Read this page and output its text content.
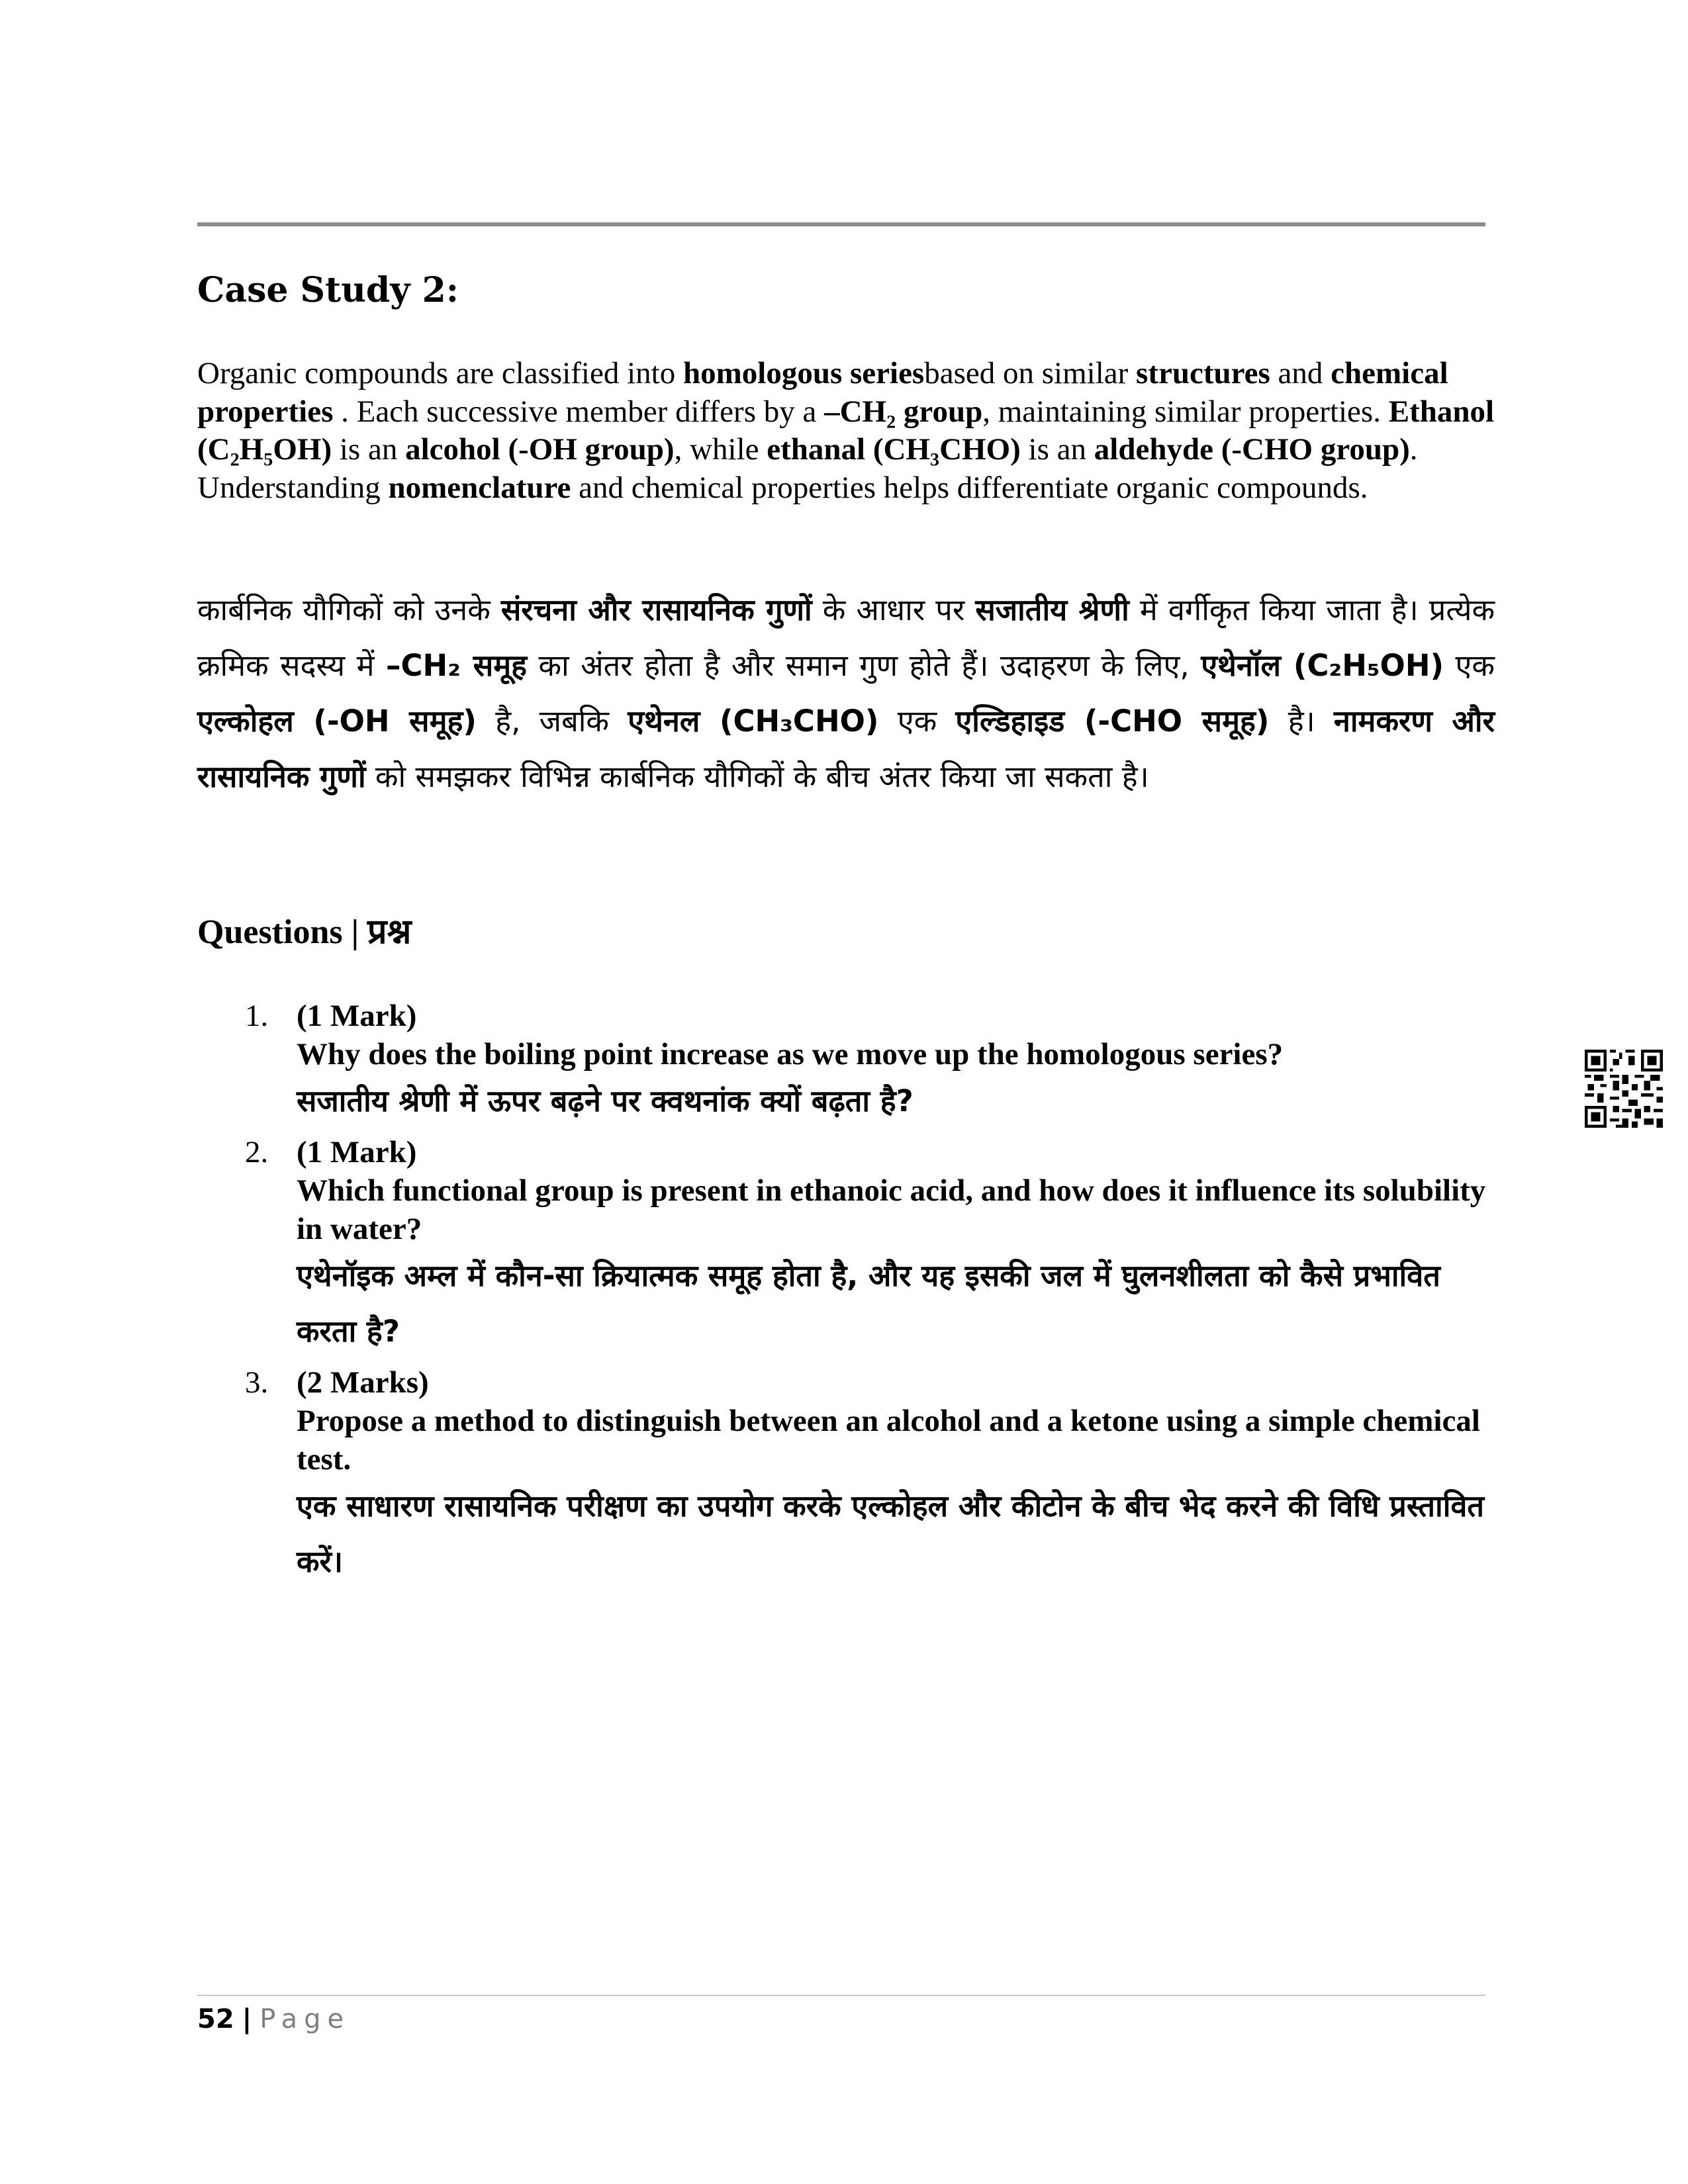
Case Study 2:
Organic compounds are classified into homologous seriesbased on similar structures and chemical properties . Each successive member differs by a –CH₂ group, maintaining similar properties. Ethanol (C₂H₅OH) is an alcohol (-OH group), while ethanal (CH₃CHO) is an aldehyde (-CHO group). Understanding nomenclature and chemical properties helps differentiate organic compounds.
कार्बनिक यौगिकों को उनके संरचना और रासायनिक गुणों के आधार पर सजातीय श्रेणी में वर्गीकृत किया जाता है। प्रत्येक क्रमिक सदस्य में –CH₂ समूह का अंतर होता है और समान गुण होते हैं। उदाहरण के लिए, एथेनॉल (C₂H₅OH) एक एल्कोहल (-OH समूह) है, जबकि एथेनल (CH₃CHO) एक एल्डिहाइड (-CHO समूह) है। नामकरण और रासायनिक गुणों को समझकर विभिन्न कार्बनिक यौगिकों के बीच अंतर किया जा सकता है।
Questions | प्रश्न
1. (1 Mark)
Why does the boiling point increase as we move up the homologous series?
सजातीय श्रेणी में ऊपर बढ़ने पर क्वथनांक क्यों बढ़ता है?
2. (1 Mark)
Which functional group is present in ethanoic acid, and how does it influence its solubility in water?
एथेनॉइक अम्ल में कौन-सा क्रियात्मक समूह होता है, और यह इसकी जल में घुलनशीलता को कैसे प्रभावित करता है?
3. (2 Marks)
Propose a method to distinguish between an alcohol and a ketone using a simple chemical test.
एक साधारण रासायनिक परीक्षण का उपयोग करके एल्कोहल और कीटोन के बीच भेद करने की विधि प्रस्तावित करें।
52 | Page
